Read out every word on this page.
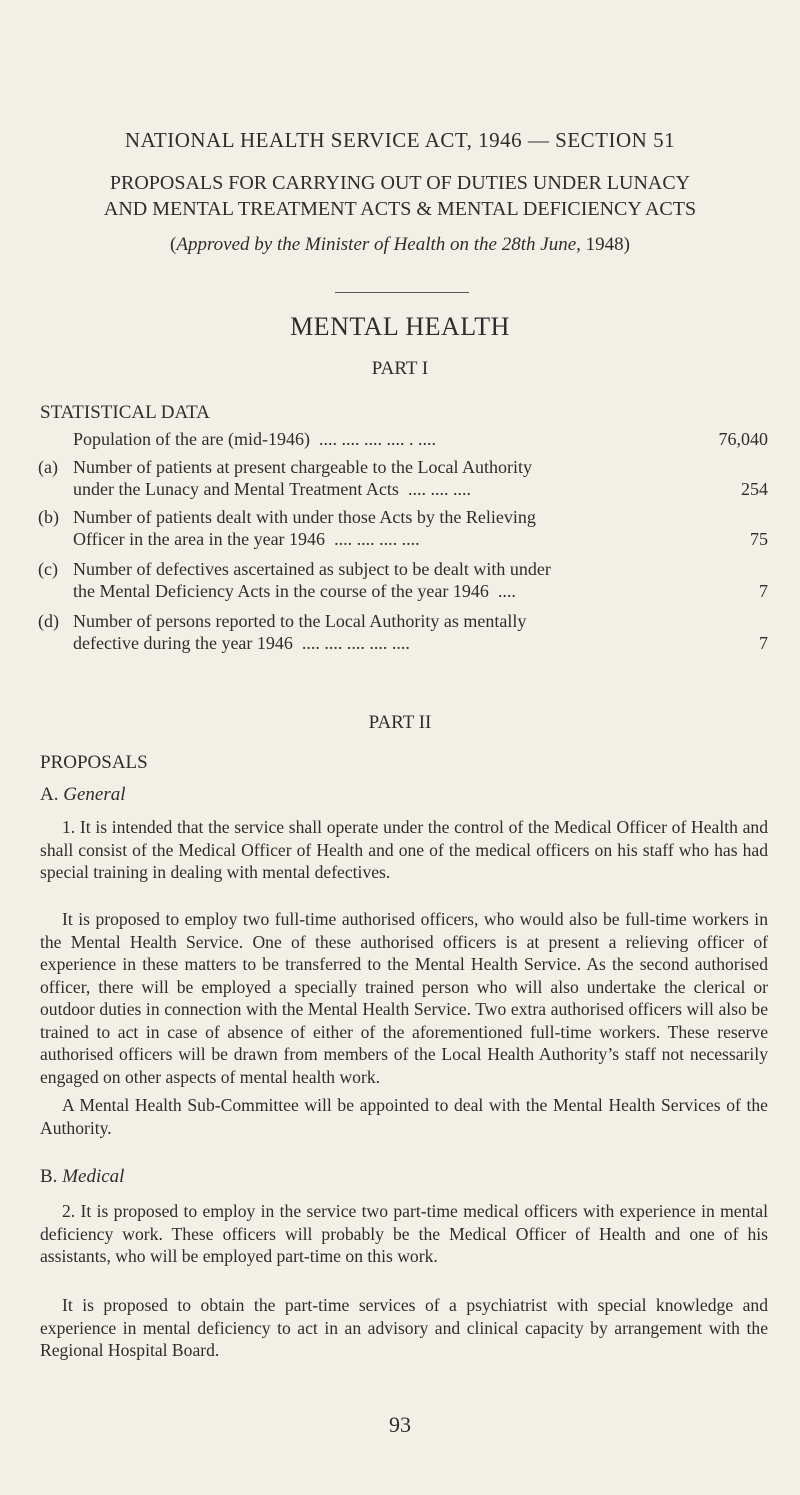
NATIONAL HEALTH SERVICE ACT, 1946 — SECTION 51
PROPOSALS FOR CARRYING OUT OF DUTIES UNDER LUNACY
AND MENTAL TREATMENT ACTS & MENTAL DEFICIENCY ACTS
(Approved by the Minister of Health on the 28th June, 1948)
MENTAL HEALTH
PART I
STATISTICAL DATA
Population of the are (mid-1946) .... .... .... .... . ....	76,040
(a) Number of patients at present chargeable to the Local Authority
under the Lunacy and Mental Treatment Acts .... .... ....	254
(b) Number of patients dealt with under those Acts by the Relieving
Officer in the area in the year 1946 .... .... .... ....	75
(c) Number of defectives ascertained as subject to be dealt with under
the Mental Deficiency Acts in the course of the year 1946 ....	7
(d) Number of persons reported to the Local Authority as mentally
defective during the year 1946 .... .... .... .... ....	7
PART II
PROPOSALS
A. General
1. It is intended that the service shall operate under the control of the Medical Officer of Health and shall consist of the Medical Officer of Health and one of the medical officers on his staff who has had special training in dealing with mental defectives.
It is proposed to employ two full-time authorised officers, who would also be full-time workers in the Mental Health Service. One of these authorised officers is at present a relieving officer of experience in these matters to be transferred to the Mental Health Service. As the second authorised officer, there will be employed a specially trained person who will also undertake the clerical or outdoor duties in connection with the Mental Health Service. Two extra authorised officers will also be trained to act in case of absence of either of the aforementioned full-time workers. These reserve authorised officers will be drawn from members of the Local Health Authority’s staff not necessarily engaged on other aspects of mental health work.
A Mental Health Sub-Committee will be appointed to deal with the Mental Health Services of the Authority.
B. Medical
2. It is proposed to employ in the service two part-time medical officers with experience in mental deficiency work. These officers will probably be the Medical Officer of Health and one of his assistants, who will be employed part-time on this work.
It is proposed to obtain the part-time services of a psychiatrist with special knowledge and experience in mental deficiency to act in an advisory and clinical capacity by arrangement with the Regional Hospital Board.
93
